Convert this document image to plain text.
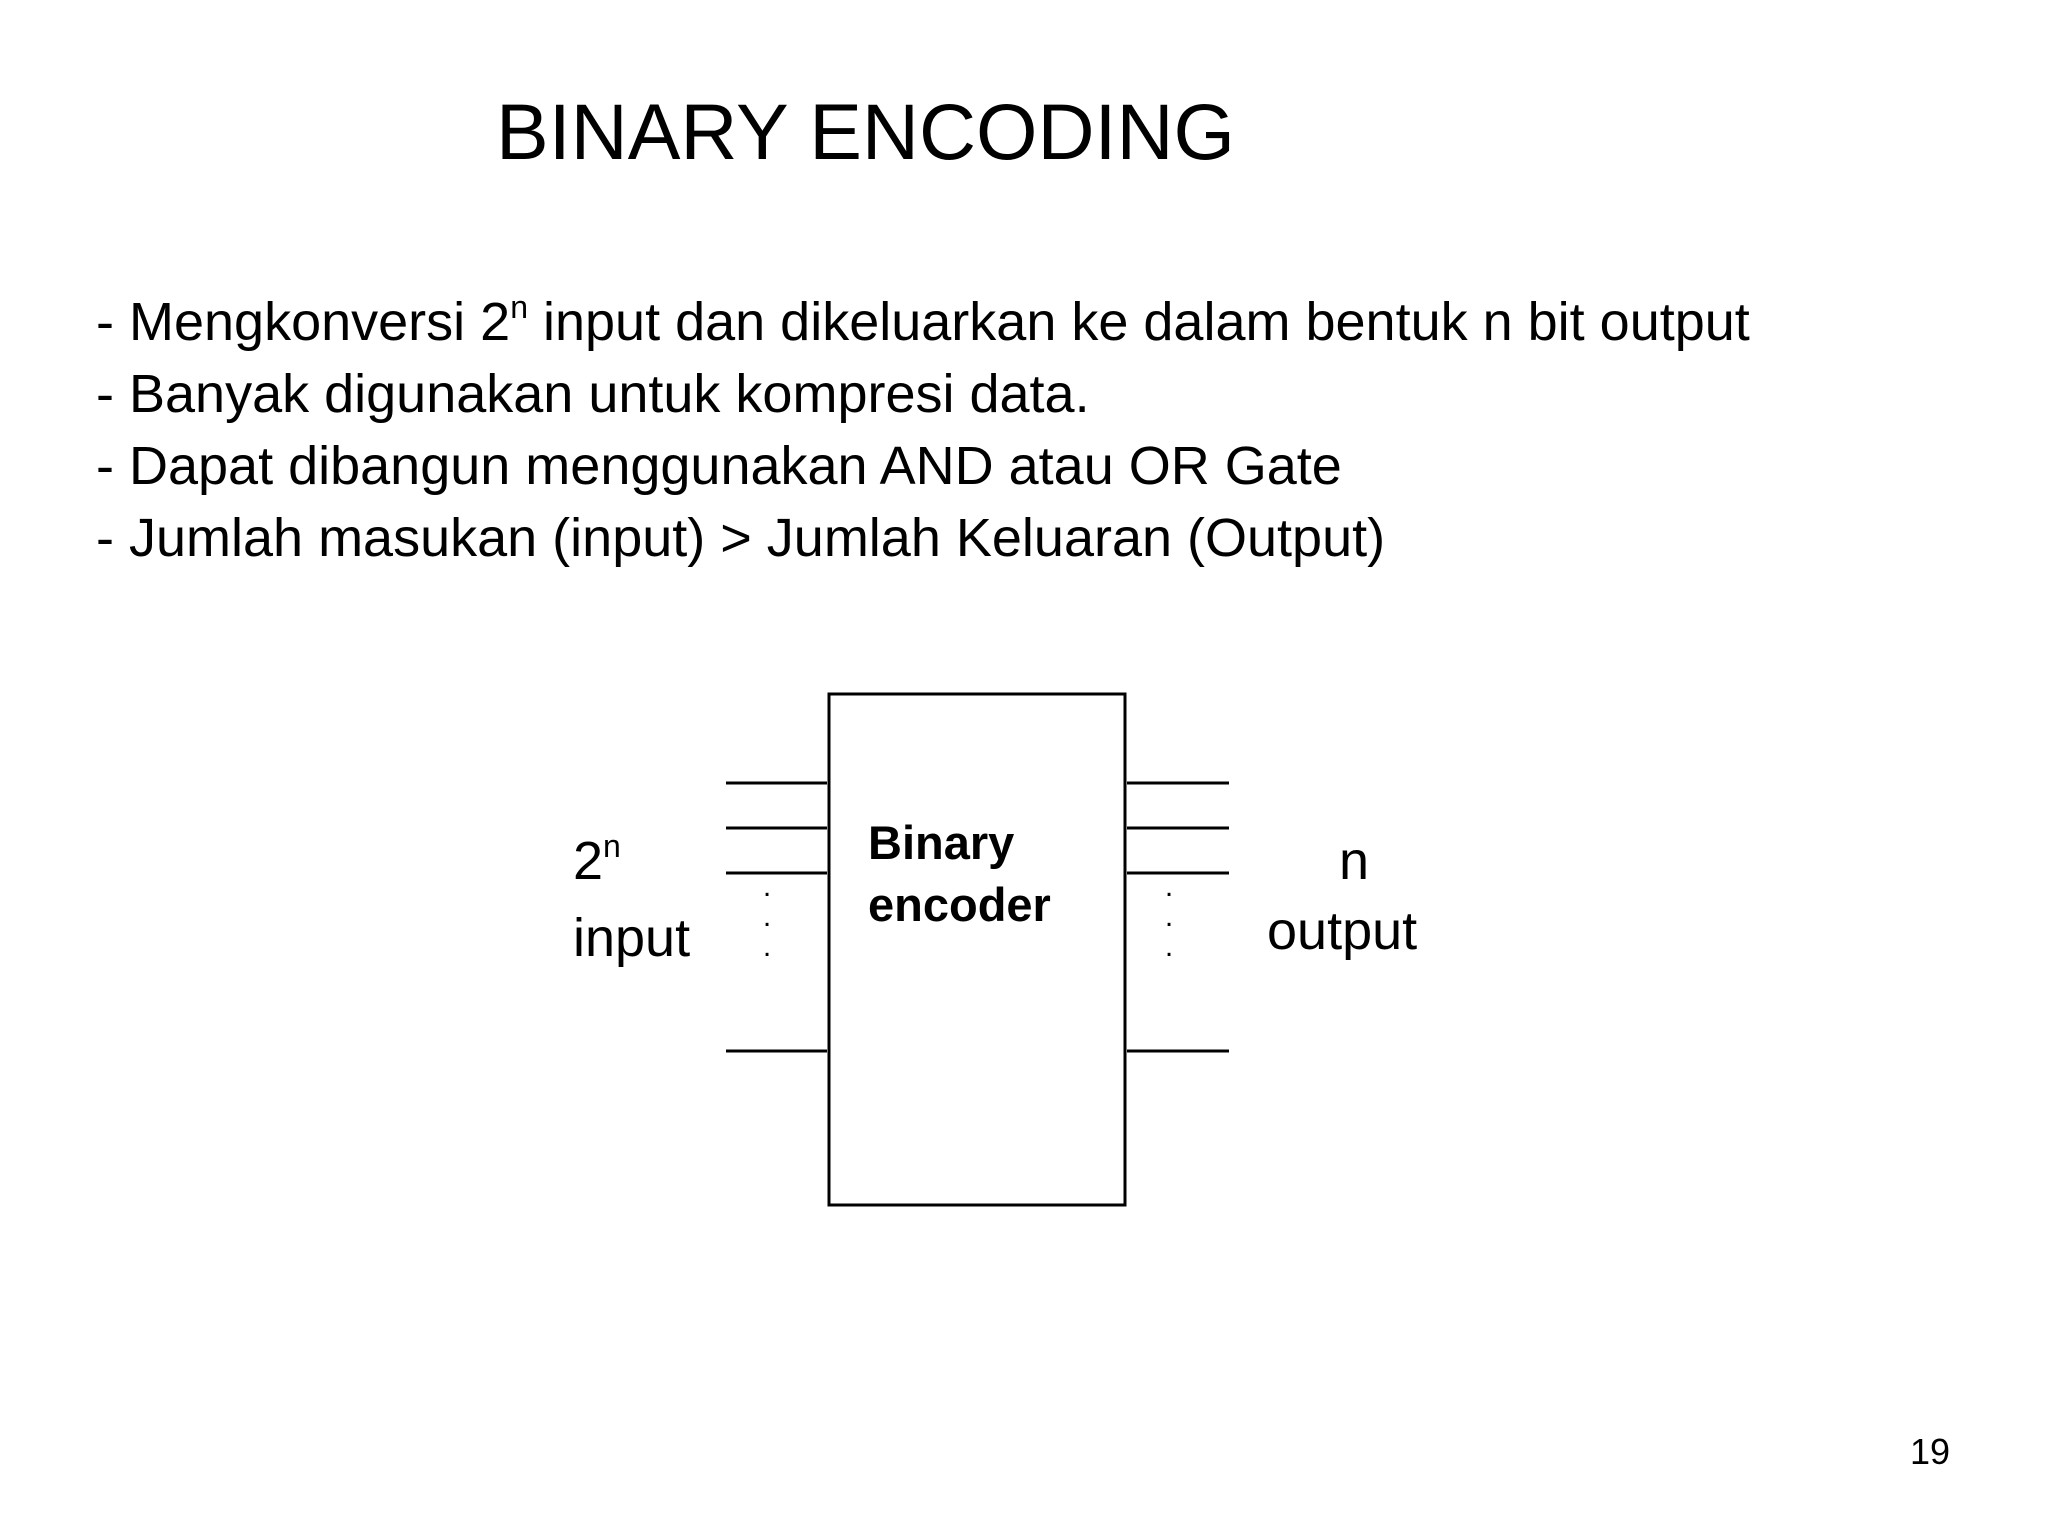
BINARY ENCODING
- Mengkonversi 2$^n$ input dan dikeluarkan ke dalam bentuk n bit output
- Banyak digunakan untuk kompresi data.
- Dapat dibangun menggunakan AND atau OR Gate
- Jumlah masukan (input) > Jumlah Keluaran (Output)
Binary
encoder
2$^n$
input
n
output
.
.
.
.
.
.
19
